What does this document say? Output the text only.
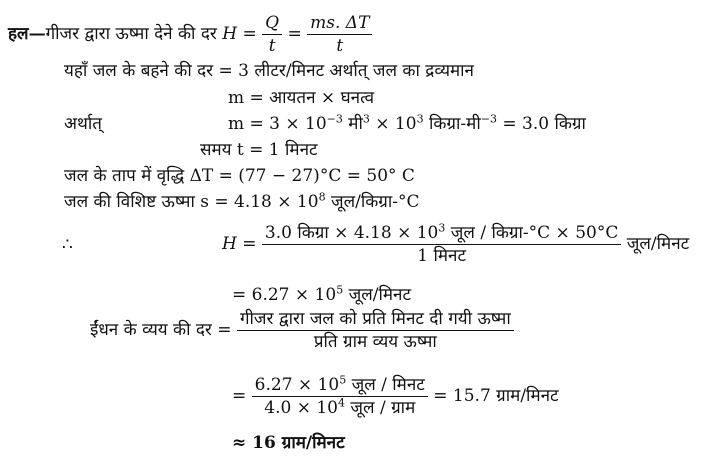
हल—गीजर द्वारा ऊष्मा देने की दर $H = \frac{Q}{t} = \frac{ms. \Delta T}{t}$
यहाँ जल के बहने की दर = 3 लीटर/मिनट अर्थात् जल का द्रव्यमान
m = आयतन × घनत्व
अर्थात्	$m = 3 \times 10^{-3}$ मी$^3$ × $10^3$ किग्रा-मी$^{-3}$ = 3.0 किग्रा
समय t = 1 मिनट
जल के ताप में वृद्धि ΔT = (77 − 27)°C = 50° C
जल की विशिष्ट ऊष्मा $s = 4.18 \times 10^8$ जूल/किग्रा-°C
∴	$H = \frac{3.0 किग्रा \times 4.18 \times 10^3 जूल / किग्रा-^\circ C \times 50^\circ C}{\text{1 मिनट}}$ जूल/मिनट
= $6.27 \times 10^5$ जूल/मिनट
ईंधन के व्यय की दर = $\frac{\text{गीजर द्वारा जल को प्रति मिनट दी गयी ऊष्मा}}{\text{प्रति ग्राम व्यय ऊष्मा}}$
= $\frac{6.27 \times 10^5 जूल / मिनट}{4.0 \times 10^4 जूल / ग्राम} = 15.7$ ग्राम/मिनट
≈ 16 ग्राम/मिनट
